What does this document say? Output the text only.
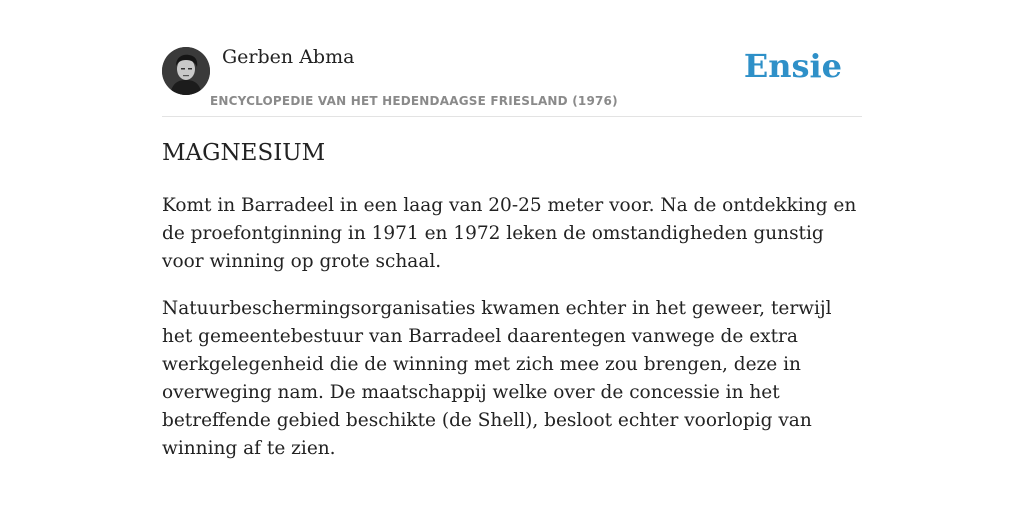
Gerben Abma
ENCYCLOPEDIE VAN HET HEDENDAAGSE FRIESLAND (1976)
Ensie
MAGNESIUM

Komt in Barradeel in een laag van 20-25 meter voor. Na de ontdekking en de proefontginning in 1971 en 1972 leken de omstandigheden gunstig voor winning op grote schaal.

Natuurbeschermingsorganisaties kwamen echter in het geweer, terwijl het gemeentebestuur van Barradeel daarentegen vanwege de extra werkgelegenheid die de winning met zich mee zou brengen, deze in overweging nam. De maatschappij welke over de concessie in het betreffende gebied beschikte (de Shell), besloot echter voorlopig van winning af te zien.
